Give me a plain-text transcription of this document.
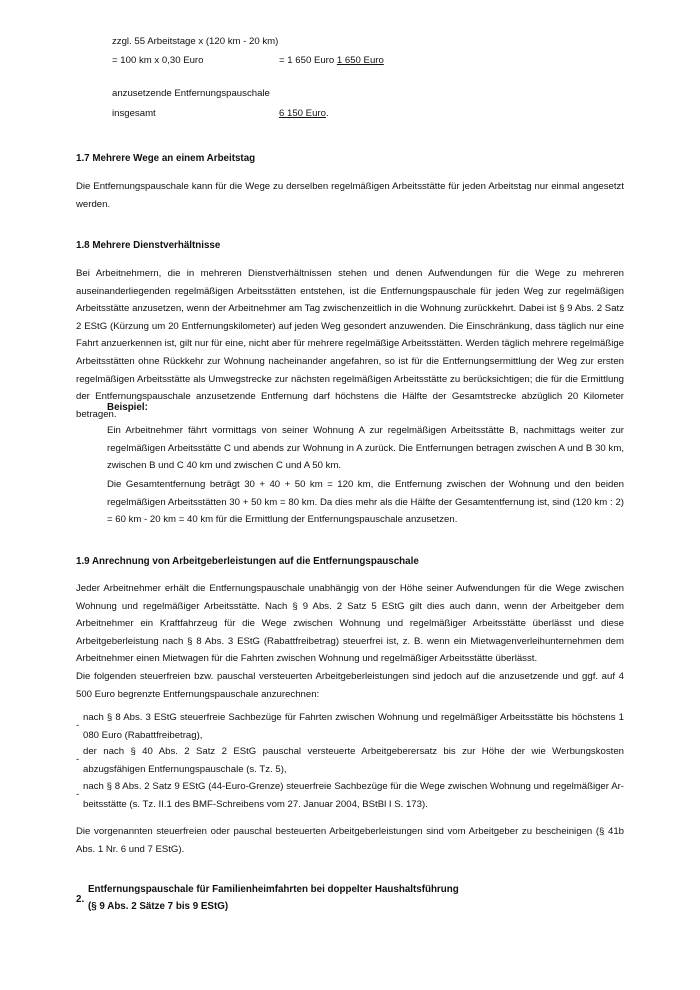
zzgl. 55 Arbeitstage x (120 km - 20 km)
= 100 km x 0,30 Euro	= 1 650 Euro 1 650 Euro
anzusetzende Entfernungspauschale
insgesamt	6 150 Euro.
1.7 Mehrere Wege an einem Arbeitstag

Die Entfernungspauschale kann für die Wege zu derselben regelmäßigen Arbeitsstätte für jeden Arbeitstag nur einmal angesetzt werden.

1.8 Mehrere Dienstverhältnisse

Bei Arbeitnehmern, die in mehreren Dienstverhältnissen stehen und denen Aufwendungen für die Wege zu mehreren auseinanderliegenden regelmäßigen Arbeitsstätten entstehen, ist die Entfernungspauschale für jeden Weg zur regelmäßigen Arbeitsstätte anzusetzen, wenn der Arbeitnehmer am Tag zwischenzeitlich in die Wohnung zurückkehrt. Dabei ist § 9 Abs. 2 Satz 2 EStG (Kürzung um 20 Entfernungskilometer) auf jeden Weg gesondert anzuwenden. Die Einschränkung, dass täglich nur eine Fahrt anzuerkennen ist, gilt nur für eine, nicht aber für mehrere regelmäßige Arbeitsstätten. Werden täglich mehrere regelmäßige Arbeitsstätten ohne Rückkehr zur Wohnung nacheinander angefahren, so ist für die Entfernungsermittlung der Weg zur ersten regelmäßigen Arbeitsstätte als Umwegstrecke zur nächsten regelmäßigen Arbeitsstätte zu berücksichtigen; die für die Ermittlung der Entfernungspauschale anzusetzende Entfernung darf höchstens die Hälfte der Gesamtstrecke abzüglich 20 Kilometer betragen.

Beispiel:

Ein Arbeitnehmer fährt vormittags von seiner Wohnung A zur regelmäßigen Arbeitsstätte B, nachmittags weiter zur regelmäßigen Arbeitsstätte C und abends zur Wohnung in A zurück. Die Entfernungen betragen zwischen A und B 30 km, zwischen B und C 40 km und zwischen C und A 50 km.

Die Gesamtentfernung beträgt 30 + 40 + 50 km = 120 km, die Entfernung zwischen der Wohnung und den beiden regelmäßigen Arbeitsstätten 30 + 50 km = 80 km. Da dies mehr als die Hälfte der Gesamtentfernung ist, sind (120 km : 2) = 60 km - 20 km = 40 km für die Ermittlung der Entfernungspauschale anzusetzen.

1.9 Anrechnung von Arbeitgeberleistungen auf die Entfernungspauschale

Jeder Arbeitnehmer erhält die Entfernungspauschale unabhängig von der Höhe seiner Aufwendungen für die Wege zwischen Wohnung und regelmäßiger Arbeitsstätte. Nach § 9 Abs. 2 Satz 5 EStG gilt dies auch dann, wenn der Arbeitgeber dem Arbeitnehmer ein Kraftfahrzeug für die Wege zwischen Wohnung und regelmäßiger Arbeitsstätte überlässt und diese Arbeitgeberleistung nach § 8 Abs. 3 EStG (Rabattfreibetrag) steuerfrei ist, z. B. wenn ein Mietwagenverleihunternehmen dem Arbeitnehmer einen Mietwagen für die Fahrten zwischen Wohnung und regelmäßiger Arbeitsstätte überlässt.

Die folgenden steuerfreien bzw. pauschal versteuerten Arbeitgeberleistungen sind jedoch auf die anzusetzende und ggf. auf 4 500 Euro begrenzte Entfernungspauschale anzurechnen:

-

nach § 8 Abs. 3 EStG steuerfreie Sachbezüge für Fahrten zwischen Wohnung und regelmäßiger Arbeitsstätte bis höchstens 1 080 Euro (Rabattfreibetrag),

-

der nach § 40 Abs. 2 Satz 2 EStG pauschal versteuerte Arbeitgeberersatz bis zur Höhe der wie Werbungskosten abzugsfähigen Entfernungspauschale (s. Tz. 5),

-

nach § 8 Abs. 2 Satz 9 EStG (44-Euro-Grenze) steuerfreie Sachbezüge für die Wege zwischen Wohnung und regelmäßiger Arbeitsstätte (s. Tz. II.1 des BMF-Schreibens vom 27. Januar 2004, BStBl I S. 173).

Die vorgenannten steuerfreien oder pauschal besteuerten Arbeitgeberleistungen sind vom Arbeitgeber zu bescheinigen (§ 41b Abs. 1 Nr. 6 und 7 EStG).

2.
Entfernungspauschale für Familienheimfahrten bei doppelter Haushaltsführung
(§ 9 Abs. 2 Sätze 7 bis 9 EStG)
